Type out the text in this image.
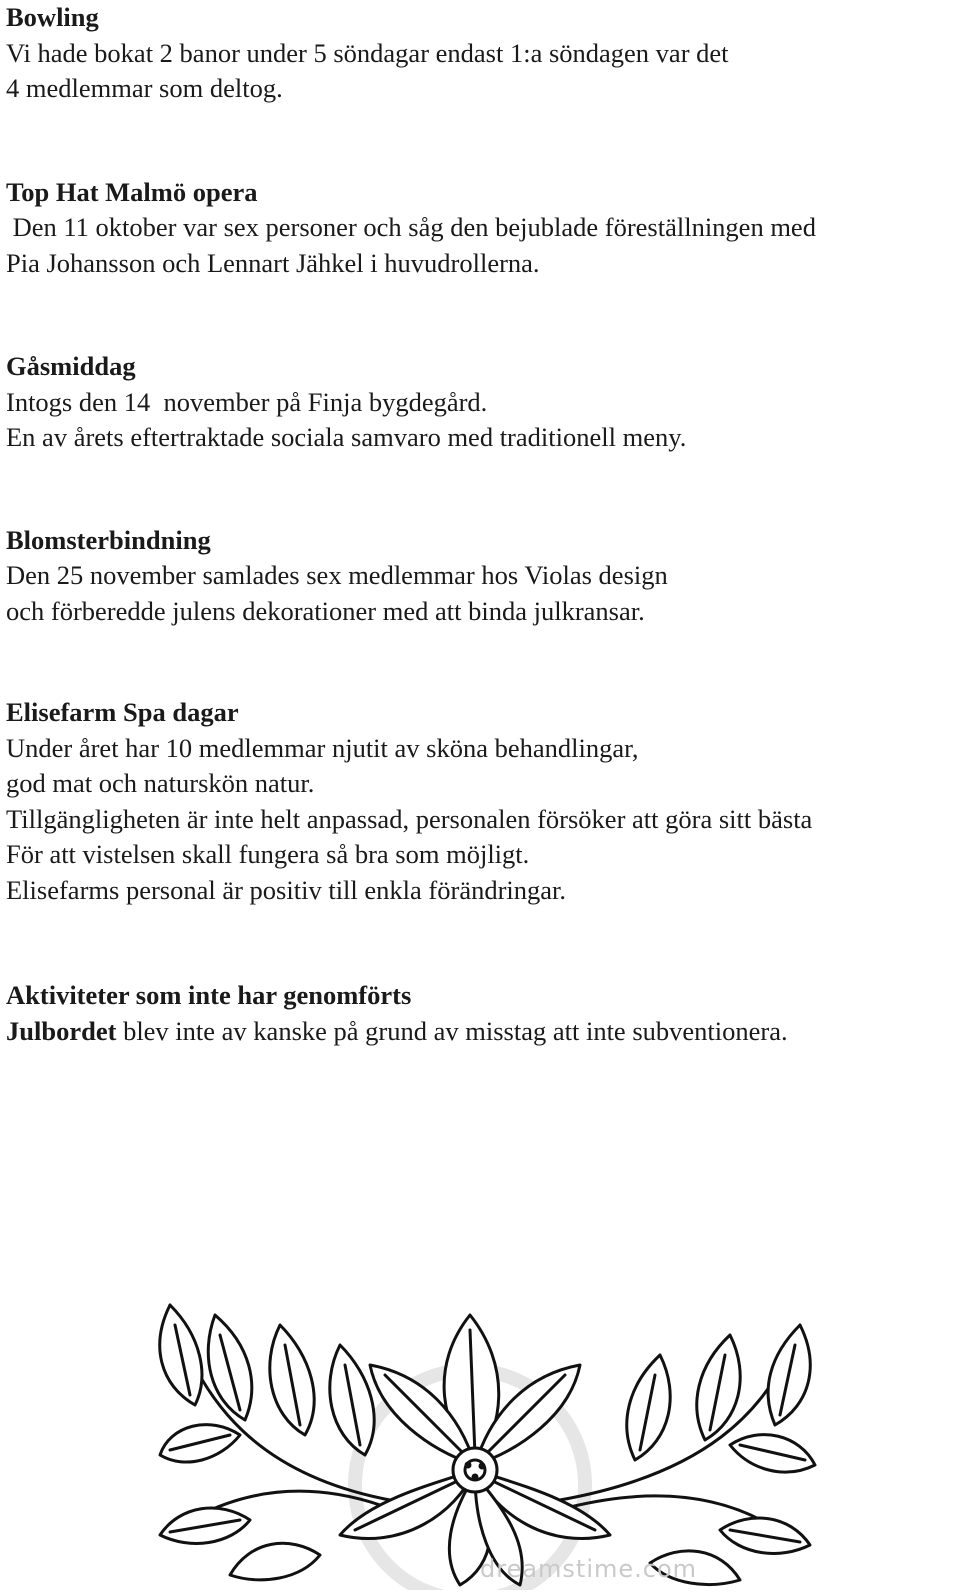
Bowling
Vi hade bokat 2 banor under 5 söndagar endast 1:a söndagen var det
4 medlemmar som deltog.
Top Hat Malmö opera
Den 11 oktober var sex personer och såg den bejublade föreställningen med
Pia Johansson och Lennart Jähkel i huvudrollerna.
Gåsmiddag
Intogs den 14  november på Finja bygdegård.
En av årets eftertraktade sociala samvaro med traditionell meny.
Blomsterbindning
Den 25 november samlades sex medlemmar hos Violas design
och förberedde julens dekorationer med att binda julkransar.
Elisefarm Spa dagar
Under året har 10 medlemmar njutit av sköna behandlingar,
god mat och naturskön natur.
Tillgängligheten är inte helt anpassad, personalen försöker att göra sitt bästa
För att vistelsen skall fungera så bra som möjligt.
Elisefarms personal är positiv till enkla förändringar.
Aktiviteter som inte har genomförts
Julbordet blev inte av kanske på grund av misstag att inte subventionera.
dreamstime.com
